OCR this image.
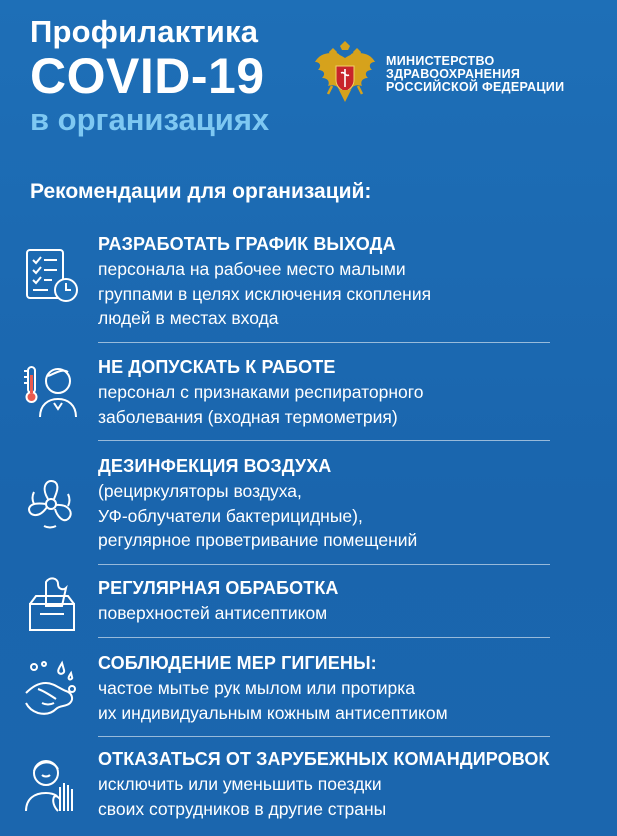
Профилактика
COVID-19
в организациях
МИНИСТЕРСТВО
ЗДРАВООХРАНЕНИЯ
РОССИЙСКОЙ ФЕДЕРАЦИИ
Рекомендации для организаций:
РАЗРАБОТАТЬ ГРАФИК ВЫХОДА
персонала на рабочее место малыми
группами в целях исключения скопления
людей в местах входа
НЕ ДОПУСКАТЬ К РАБОТЕ
персонал с признаками респираторного
заболевания (входная термометрия)
ДЕЗИНФЕКЦИЯ ВОЗДУХА
(рециркуляторы воздуха,
УФ-облучатели бактерицидные),
регулярное проветривание помещений
РЕГУЛЯРНАЯ ОБРАБОТКА
поверхностей антисептиком
СОБЛЮДЕНИЕ МЕР ГИГИЕНЫ:
частое мытье рук мылом или протирка
их индивидуальным кожным антисептиком
ОТКАЗАТЬСЯ ОТ ЗАРУБЕЖНЫХ КОМАНДИРОВОК
исключить или уменьшить поездки
своих сотрудников в другие страны
